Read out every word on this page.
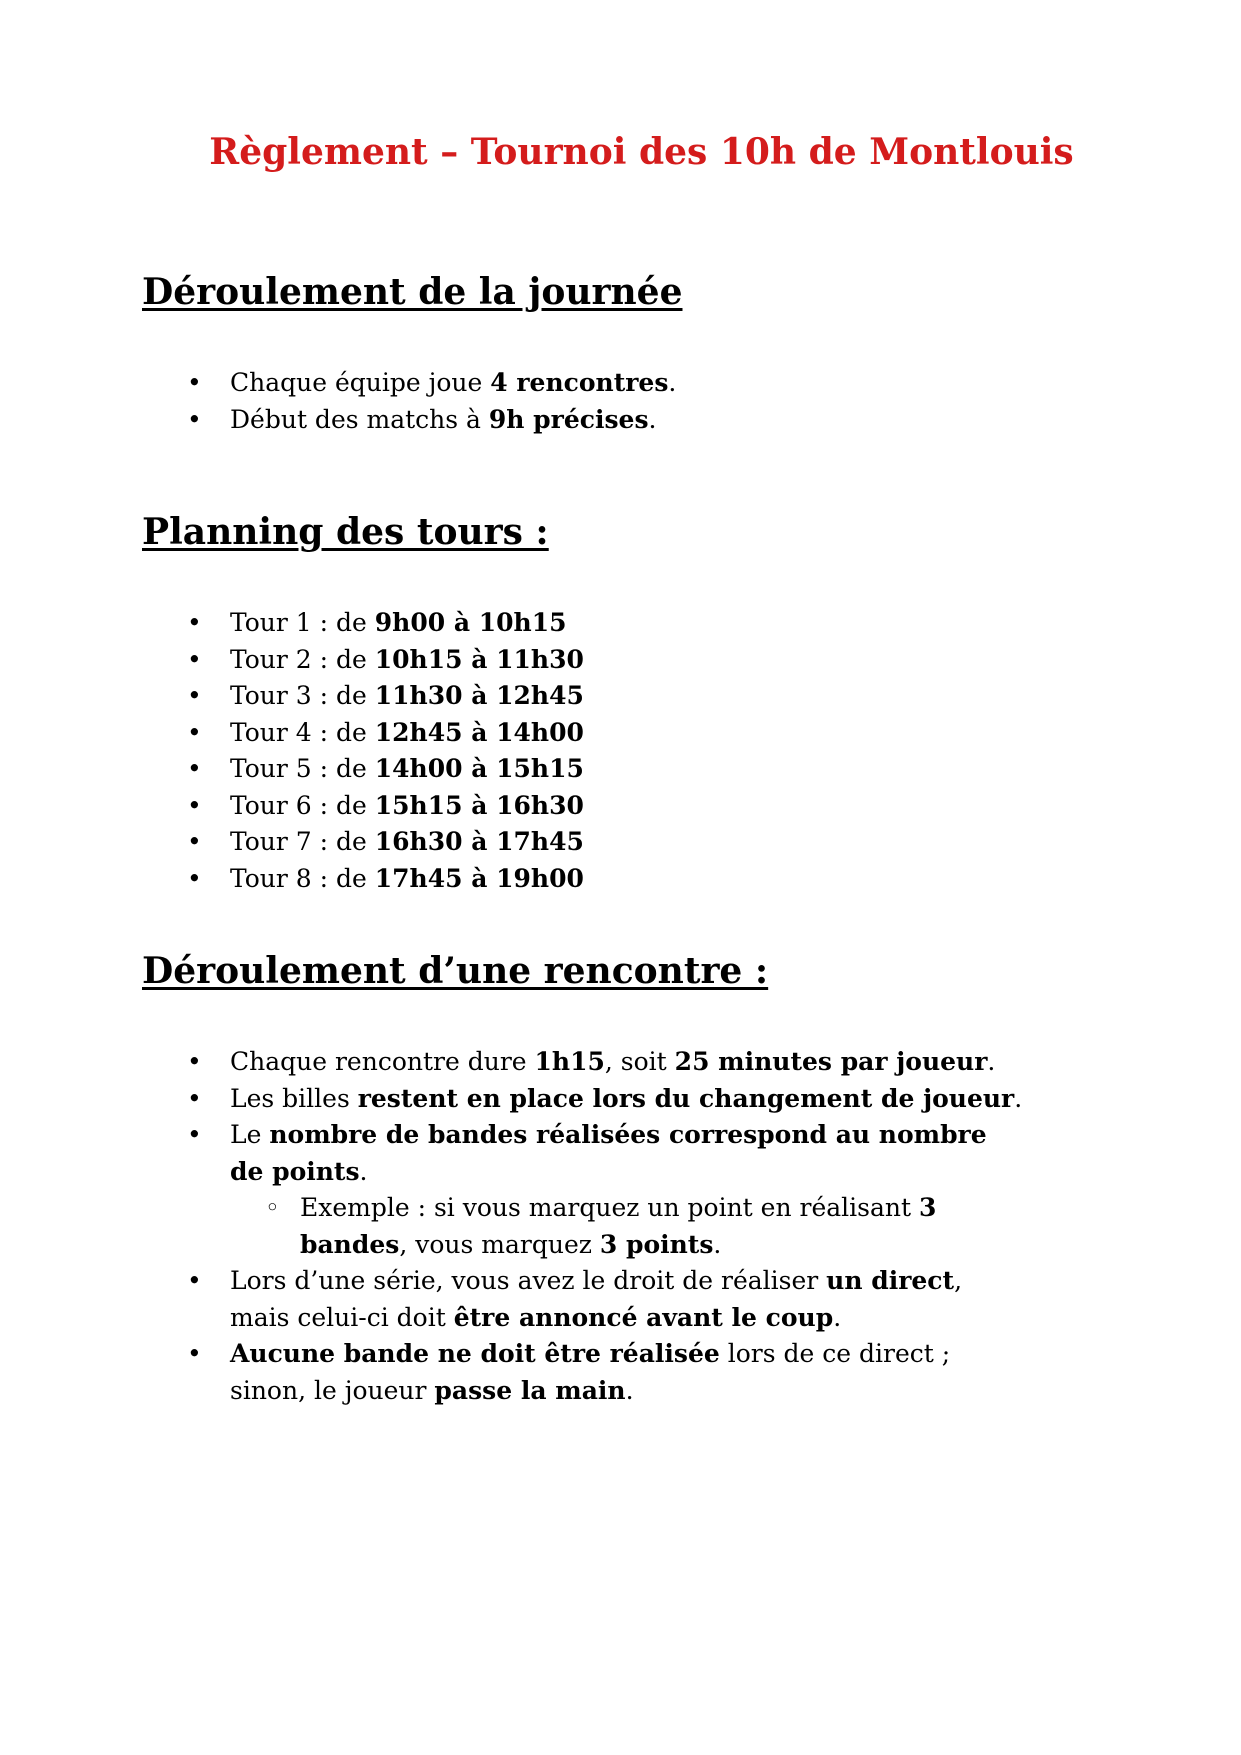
Règlement – Tournoi des 10h de Montlouis
Déroulement de la journée
• Chaque équipe joue 4 rencontres.
• Début des matchs à 9h précises.
Planning des tours :
• Tour 1 : de 9h00 à 10h15
• Tour 2 : de 10h15 à 11h30
• Tour 3 : de 11h30 à 12h45
• Tour 4 : de 12h45 à 14h00
• Tour 5 : de 14h00 à 15h15
• Tour 6 : de 15h15 à 16h30
• Tour 7 : de 16h30 à 17h45
• Tour 8 : de 17h45 à 19h00
Déroulement d’une rencontre :
• Chaque rencontre dure 1h15, soit 25 minutes par joueur.
• Les billes restent en place lors du changement de joueur.
• Le nombre de bandes réalisées correspond au nombre
de points.
◦ Exemple : si vous marquez un point en réalisant 3
bandes, vous marquez 3 points.
• Lors d’une série, vous avez le droit de réaliser un direct,
mais celui-ci doit être annoncé avant le coup.
• Aucune bande ne doit être réalisée lors de ce direct ;
sinon, le joueur passe la main.
